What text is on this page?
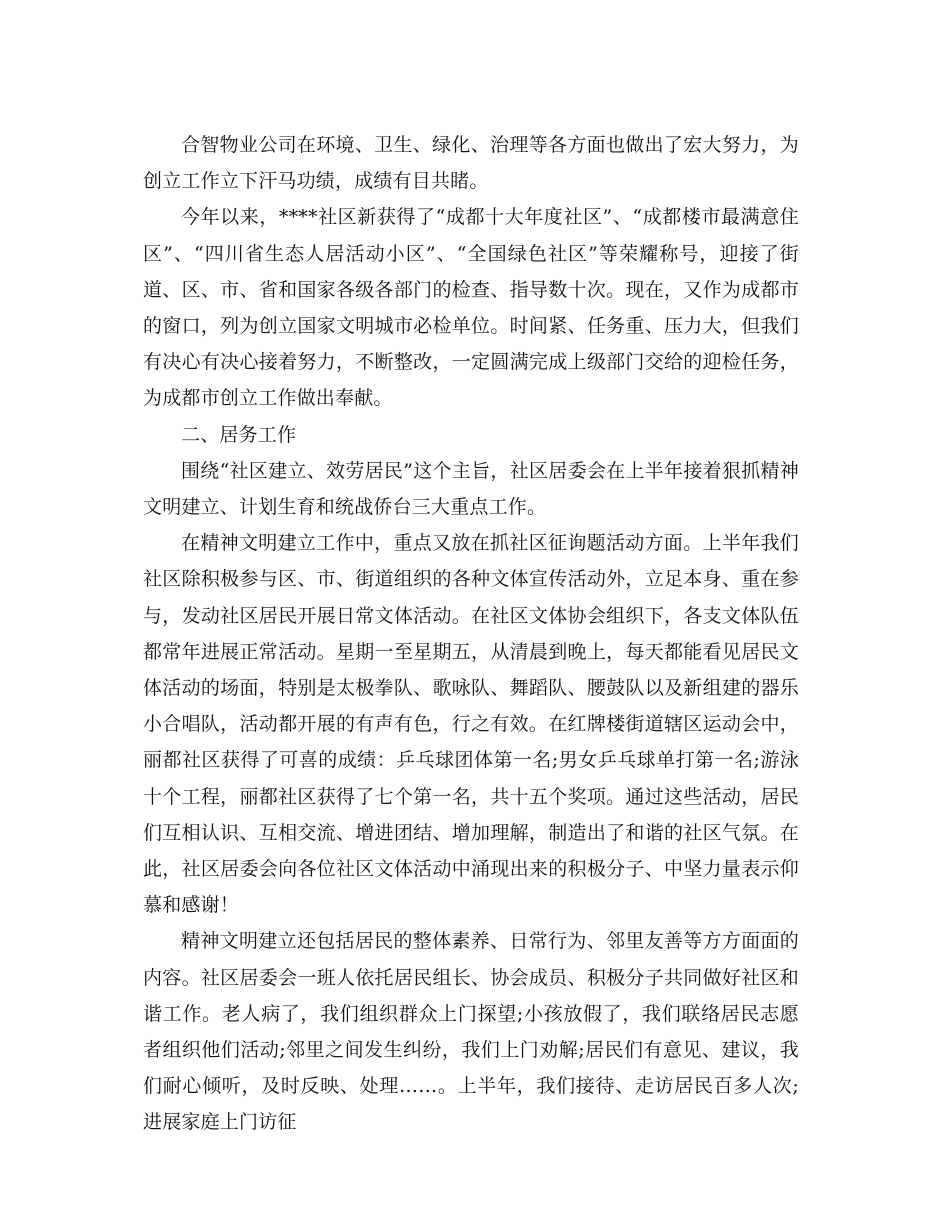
合智物业公司在环境、卫生、绿化、治理等各方面也做出了宏大努力，为创立工作立下汗马功绩，成绩有目共睹。

今年以来，****社区新获得了“成都十大年度社区”、“成都楼市最满意住区”、“四川省生态人居活动小区”、“全国绿色社区”等荣耀称号，迎接了街道、区、市、省和国家各级各部门的检查、指导数十次。现在，又作为成都市的窗口，列为创立国家文明城市必检单位。时间紧、任务重、压力大，但我们有决心有决心接着努力，不断整改，一定圆满完成上级部门交给的迎检任务，为成都市创立工作做出奉献。

二、居务工作

围绕“社区建立、效劳居民”这个主旨，社区居委会在上半年接着狠抓精神文明建立、计划生育和统战侨台三大重点工作。

在精神文明建立工作中，重点又放在抓社区征询题活动方面。上半年我们社区除积极参与区、市、街道组织的各种文体宣传活动外，立足本身、重在参与，发动社区居民开展日常文体活动。在社区文体协会组织下，各支文体队伍都常年进展正常活动。星期一至星期五，从清晨到晚上，每天都能看见居民文体活动的场面，特别是太极拳队、歌咏队、舞蹈队、腰鼓队以及新组建的器乐小合唱队，活动都开展的有声有色，行之有效。在红牌楼街道辖区运动会中，丽都社区获得了可喜的成绩：乒乓球团体第一名;男女乒乓球单打第一名;游泳十个工程，丽都社区获得了七个第一名，共十五个奖项。通过这些活动，居民们互相认识、互相交流、增进团结、增加理解，制造出了和谐的社区气氛。在此，社区居委会向各位社区文体活动中涌现出来的积极分子、中坚力量表示仰慕和感谢！

精神文明建立还包括居民的整体素养、日常行为、邻里友善等方方面面的内容。社区居委会一班人依托居民组长、协会成员、积极分子共同做好社区和谐工作。老人病了，我们组织群众上门探望;小孩放假了，我们联络居民志愿者组织他们活动;邻里之间发生纠纷，我们上门劝解;居民们有意见、建议，我们耐心倾听，及时反映、处理……。上半年，我们接待、走访居民百多人次;进展家庭上门访征
